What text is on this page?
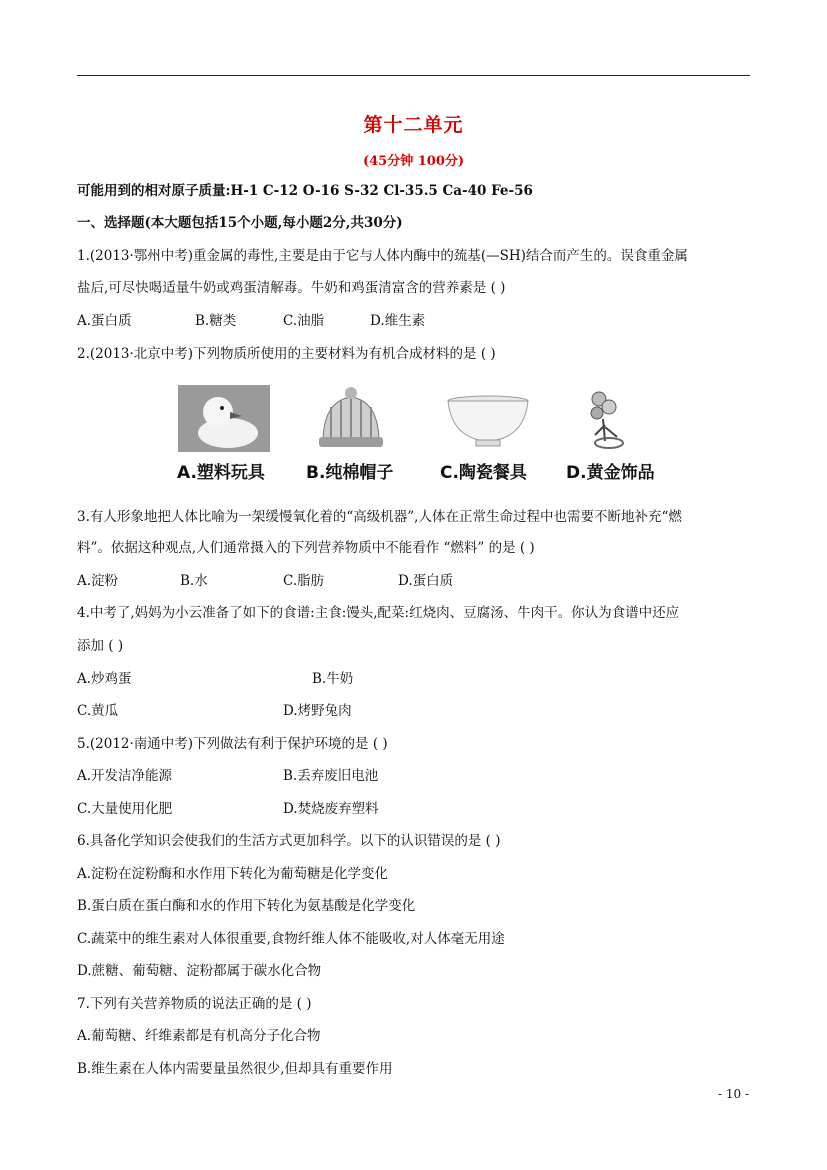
第十二单元
(45分钟 100分)
可能用到的相对原子质量:H-1 C-12 O-16 S-32 Cl-35.5 Ca-40 Fe-56
一、选择题(本大题包括15个小题,每小题2分,共30分)
1.(2013·鄂州中考)重金属的毒性,主要是由于它与人体内酶中的巯基(—SH)结合而产生的。误食重金属
盐后,可尽快喝适量牛奶或鸡蛋清解毒。牛奶和鸡蛋清富含的营养素是 ( )
A.蛋白质	B.糖类	C.油脂	D.维生素
2.(2013·北京中考)下列物质所使用的主要材料为有机合成材料的是 ( )
A.塑料玩具 B.纯棉帽子	C.陶瓷餐具 D.黄金饰品
3.有人形象地把人体比喻为一架缓慢氧化着的“高级机器”,人体在正常生命过程中也需要不断地补充“燃
料”。依据这种观点,人们通常摄入的下列营养物质中不能看作 “燃料” 的是 ( )
A.淀粉	B.水	C.脂肪	D.蛋白质
4.中考了,妈妈为小云准备了如下的食谱:主食:馒头,配菜:红烧肉、豆腐汤、牛肉干。你认为食谱中还应
添加 ( )
A.炒鸡蛋	B.牛奶
C.黄瓜	D.烤野兔肉
5.(2012·南通中考)下列做法有利于保护环境的是 ( )
A.开发洁净能源	B.丢弃废旧电池
C.大量使用化肥	D.焚烧废弃塑料
6.具备化学知识会使我们的生活方式更加科学。以下的认识错误的是 ( )
A.淀粉在淀粉酶和水作用下转化为葡萄糖是化学变化
B.蛋白质在蛋白酶和水的作用下转化为氨基酸是化学变化
C.蔬菜中的维生素对人体很重要,食物纤维人体不能吸收,对人体毫无用途
D.蔗糖、葡萄糖、淀粉都属于碳水化合物
7.下列有关营养物质的说法正确的是 ( )
A.葡萄糖、纤维素都是有机高分子化合物
B.维生素在人体内需要量虽然很少,但却具有重要作用
- 10 -
